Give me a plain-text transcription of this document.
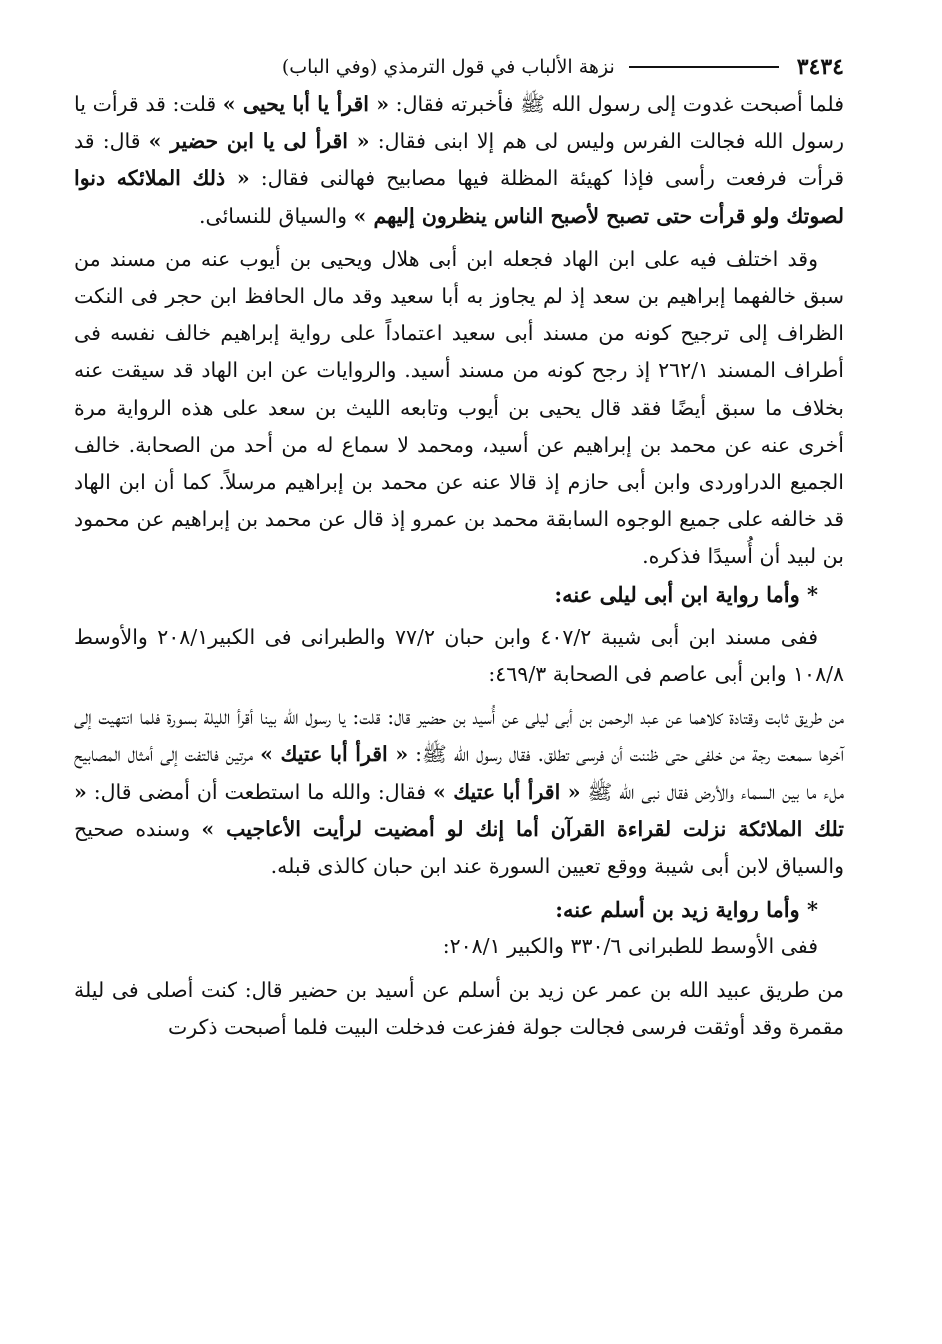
٣٤٣٤
نزهة الألباب في قول الترمذي (وفي الباب)

فلما أصبحت غدوت إلى رسول الله ﷺ فأخبرته فقال: « اقرأ يا أبا يحيى » قلت: قد قرأت يا رسول الله فجالت الفرس وليس لى هم إلا ابنى فقال: « اقرأ لى يا ابن حضير » قال: قد قرأت فرفعت رأسى فإذا كهيئة المظلة فيها مصابيح فهالنى فقال: « ذلك الملائكه دنوا لصوتك ولو قرأت حتى تصبح لأصبح الناس ينظرون إليهم » والسياق للنسائى.

وقد اختلف فيه على ابن الهاد فجعله ابن أبى هلال ويحيى بن أيوب عنه من مسند من سبق خالفهما إبراهيم بن سعد إذ لم يجاوز به أبا سعيد وقد مال الحافظ ابن حجر فى النكت الظراف إلى ترجيح كونه من مسند أبى سعيد اعتماداً على رواية إبراهيم خالف نفسه فى أطراف المسند ٢٦٢/١ إذ رجح كونه من مسند أسيد. والروايات عن ابن الهاد قد سيقت عنه بخلاف ما سبق أيضًا فقد قال يحيى بن أيوب وتابعه الليث بن سعد على هذه الرواية مرة أخرى عنه عن محمد بن إبراهيم عن أسيد، ومحمد لا سماع له من أحد من الصحابة. خالف الجميع الدراوردى وابن أبى حازم إذ قالا عنه عن محمد بن إبراهيم مرسلاً. كما أن ابن الهاد قد خالفه على جميع الوجوه السابقة محمد بن عمرو إذ قال عن محمد بن إبراهيم عن محمود بن لبيد أن أُسيدًا فذكره.

* وأما رواية ابن أبى ليلى عنه:

ففى مسند ابن أبى شيبة ٤٠٧/٢ وابن حبان ٧٧/٢ والطبرانى فى الكبير٢٠٨/١ والأوسط ١٠٨/٨ وابن أبى عاصم فى الصحابة ٤٦٩/٣:

من طريق ثابت وقتادة كلاهما عن عبد الرحمن بن أبى ليلى عن أُسيد بن حضير قال: قلت: يا رسول الله بينا أقرأ الليلة بسورة فلما انتهيت إلى آخرها سمعت رجة من خلفى حتى ظننت أن فرسى تطلق. فقال رسول الله ﷺ: « اقرأ أبا عتيك » مرتين فالتفت إلى أمثال المصابيح ملء ما بين السماء والأرض فقال نبى الله ﷺ « اقرأ أبا عتيك » فقال: والله ما استطعت أن أمضى قال: « تلك الملائكة نزلت لقراءة القرآن أما إنك لو أمضيت لرأيت الأعاجيب » وسنده صحيح والسياق لابن أبى شيبة ووقع تعيين السورة عند ابن حبان كالذى قبله.

* وأما رواية زيد بن أسلم عنه:

ففى الأوسط للطبرانى ٣٣٠/٦ والكبير ٢٠٨/١:

من طريق عبيد الله بن عمر عن زيد بن أسلم عن أسيد بن حضير قال: كنت أصلى فى ليلة مقمرة وقد أوثقت فرسى فجالت جولة ففزعت فدخلت البيت فلما أصبحت ذكرت
